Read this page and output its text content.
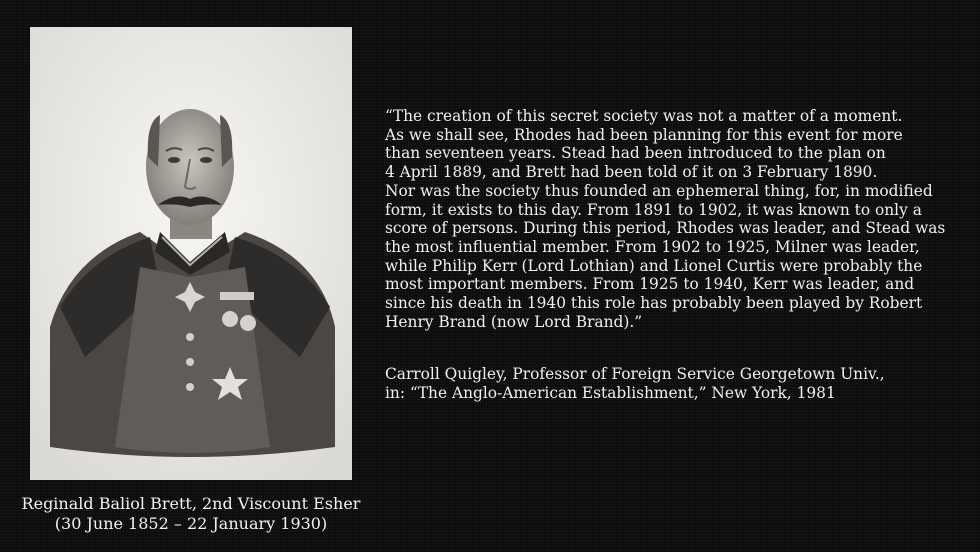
Reginald Baliol Brett, 2nd Viscount Esher
(30 June 1852 – 22 January 1930)

“The creation of this secret society was not a matter of a moment.

As we shall see, Rhodes had been planning for this event for more

than seventeen years. Stead had been introduced to the plan on

4 April 1889, and Brett had been told of it on 3 February 1890.

Nor was the society thus founded an ephemeral thing, for, in modified

form, it exists to this day. From 1891 to 1902, it was known to only a

score of persons. During this period, Rhodes was leader, and Stead was

the most influential member. From 1902 to 1925, Milner was leader,

while Philip Kerr (Lord Lothian) and Lionel Curtis were probably the

most important members. From 1925 to 1940, Kerr was leader, and

since his death in 1940 this role has probably been played by Robert

Henry Brand (now Lord Brand).”

Carroll Quigley, Professor of Foreign Service Georgetown Univ.,

in: “The Anglo-American Establishment,” New York, 1981
